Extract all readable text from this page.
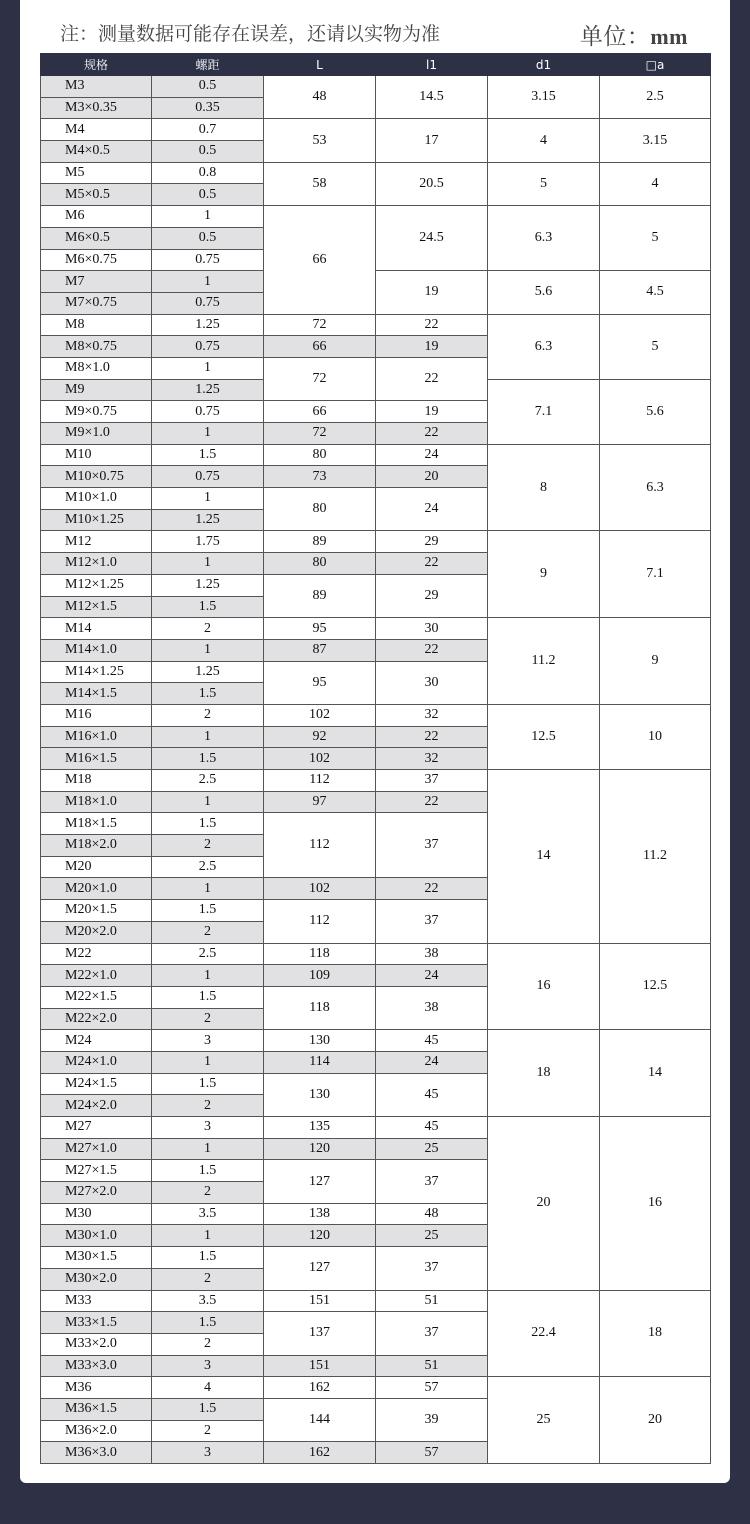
注：测量数据可能存在误差，还请以实物为准	单位：mm
规格	螺距	L	l1	d1	□a
M3	0.5	48	14.5	3.15	2.5
M3×0.35	0.35				
M4	0.7	53	17	4	3.15
M4×0.5	0.5				
M5	0.8	58	20.5	5	4
M5×0.5	0.5				
M6	1	66	24.5	6.3	5
M6×0.5	0.5				
M6×0.75	0.75				
M7	1		19	5.6	4.5
M7×0.75	0.75				
M8	1.25	72	22	6.3	5
M8×0.75	0.75	66	19		
M8×1.0	1	72	22		
M9	1.25			7.1	5.6
M9×0.75	0.75	66	19		
M9×1.0	1	72	22		
M10	1.5	80	24	8	6.3
M10×0.75	0.75	73	20		
M10×1.0	1	80	24		
M10×1.25	1.25				
M12	1.75	89	29	9	7.1
M12×1.0	1	80	22		
M12×1.25	1.25	89	29		
M12×1.5	1.5				
M14	2	95	30	11.2	9
M14×1.0	1	87	22		
M14×1.25	1.25	95	30		
M14×1.5	1.5				
M16	2	102	32	12.5	10
M16×1.0	1	92	22		
M16×1.5	1.5	102	32		
M18	2.5	112	37	14	11.2
M18×1.0	1	97	22		
M18×1.5	1.5	112	37		
M18×2.0	2				
M20	2.5				
M20×1.0	1	102	22		
M20×1.5	1.5	112	37		
M20×2.0	2				
M22	2.5	118	38	16	12.5
M22×1.0	1	109	24		
M22×1.5	1.5	118	38		
M22×2.0	2				
M24	3	130	45	18	14
M24×1.0	1	114	24		
M24×1.5	1.5	130	45		
M24×2.0	2				
M27	3	135	45	20	16
M27×1.0	1	120	25		
M27×1.5	1.5	127	37		
M27×2.0	2				
M30	3.5	138	48		
M30×1.0	1	120	25		
M30×1.5	1.5	127	37		
M30×2.0	2				
M33	3.5	151	51	22.4	18
M33×1.5	1.5	137	37		
M33×2.0	2				
M33×3.0	3	151	51		
M36	4	162	57	25	20
M36×1.5	1.5	144	39		
M36×2.0	2				
M36×3.0	3	162	57		
